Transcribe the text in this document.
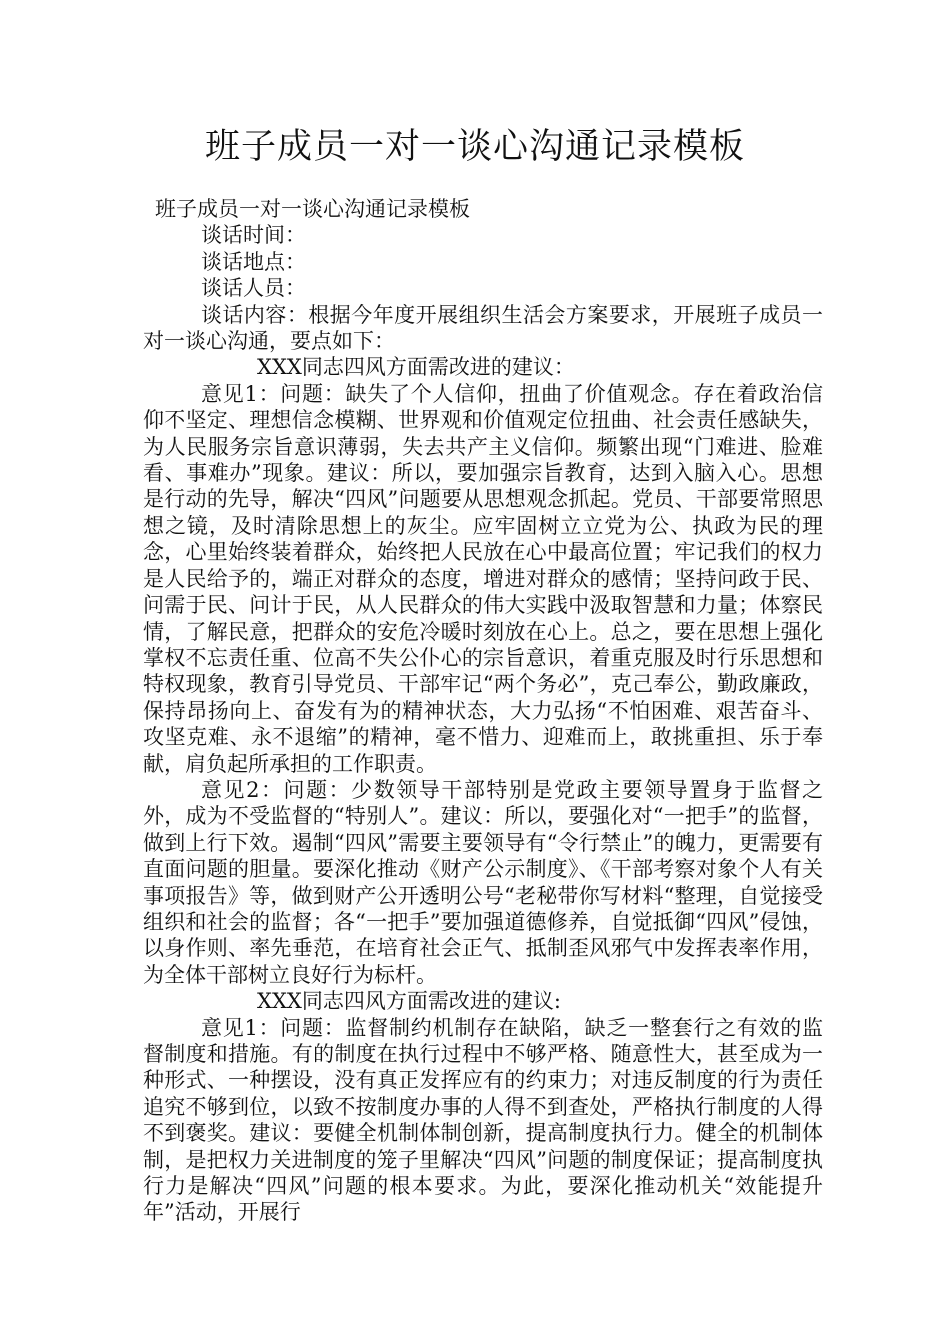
班子成员一对一谈心沟通记录模板

班子成员一对一谈心沟通记录模板

谈话时间：

谈话地点：

谈话人员：

谈话内容：根据今年度开展组织生活会方案要求，开展班子成员一对一谈心沟通，要点如下：

XXX同志四风方面需改进的建议：

意见1：问题：缺失了个人信仰，扭曲了价值观念。存在着政治信仰不坚定、理想信念模糊、世界观和价值观定位扭曲、社会责任感缺失，为人民服务宗旨意识薄弱，失去共产主义信仰。频繁出现“门难进、脸难看、事难办”现象。建议：所以，要加强宗旨教育，达到入脑入心。思想是行动的先导，解决“四风”问题要从思想观念抓起。党员、干部要常照思想之镜，及时清除思想上的灰尘。应牢固树立立党为公、执政为民的理念，心里始终装着群众，始终把人民放在心中最高位置；牢记我们的权力是人民给予的，端正对群众的态度，增进对群众的感情；坚持问政于民、问需于民、问计于民，从人民群众的伟大实践中汲取智慧和力量；体察民情，了解民意，把群众的安危冷暖时刻放在心上。总之，要在思想上强化掌权不忘责任重、位高不失公仆心的宗旨意识，着重克服及时行乐思想和特权现象，教育引导党员、干部牢记“两个务必”，克己奉公，勤政廉政，保持昂扬向上、奋发有为的精神状态，大力弘扬“不怕困难、艰苦奋斗、攻坚克难、永不退缩”的精神，毫不惜力、迎难而上，敢挑重担、乐于奉献，肩负起所承担的工作职责。

意见2：问题：少数领导干部特别是党政主要领导置身于监督之外，成为不受监督的“特别人”。建议：所以，要强化对“一把手”的监督，做到上行下效。遏制“四风”需要主要领导有“令行禁止”的魄力，更需要有直面问题的胆量。要深化推动《财产公示制度》、《干部考察对象个人有关事项报告》等，做到财产公开透明公号“老秘带你写材料“整理，自觉接受组织和社会的监督；各“一把手”要加强道德修养，自觉抵御“四风”侵蚀，以身作则、率先垂范，在培育社会正气、抵制歪风邪气中发挥表率作用，为全体干部树立良好行为标杆。

XXX同志四风方面需改进的建议:

意见1：问题：监督制约机制存在缺陷，缺乏一整套行之有效的监督制度和措施。有的制度在执行过程中不够严格、随意性大，甚至成为一种形式、一种摆设，没有真正发挥应有的约束力；对违反制度的行为责任追究不够到位，以致不按制度办事的人得不到查处，严格执行制度的人得不到褒奖。建议：要健全机制体制创新，提高制度执行力。健全的机制体制，是把权力关进制度的笼子里解决“四风”问题的制度保证；提高制度执行力是解决“四风”问题的根本要求。为此，要深化推动机关“效能提升年”活动，开展行
